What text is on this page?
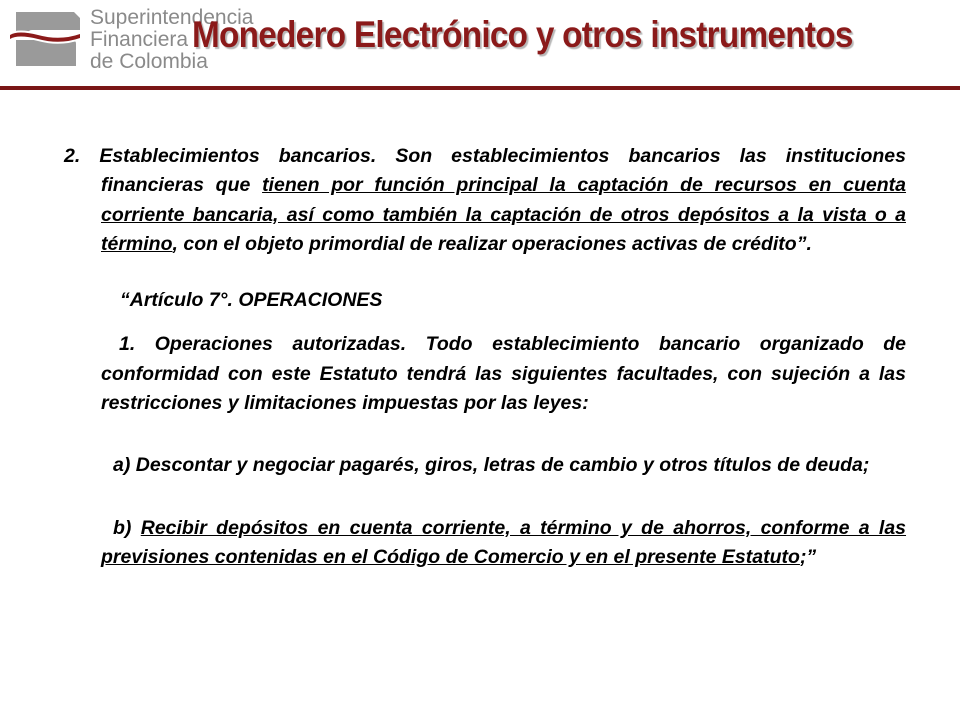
Superintendencia
Financiera
de Colombia
Monedero Electrónico y otros instrumentos

2. Establecimientos bancarios. Son establecimientos bancarios las instituciones financieras que tienen por función principal la captación de recursos en cuenta corriente bancaria, así como también la captación de otros depósitos a la vista o a término, con el objeto primordial de realizar operaciones activas de crédito”.

“Artículo 7°. OPERACIONES

1. Operaciones autorizadas. Todo establecimiento bancario organizado de conformidad con este Estatuto tendrá las siguientes facultades, con sujeción a las restricciones y limitaciones impuestas por las leyes:

a) Descontar y negociar pagarés, giros, letras de cambio y otros títulos de deuda;

b) Recibir depósitos en cuenta corriente, a término y de ahorros, conforme a las previsiones contenidas en el Código de Comercio y en el presente Estatuto;”
